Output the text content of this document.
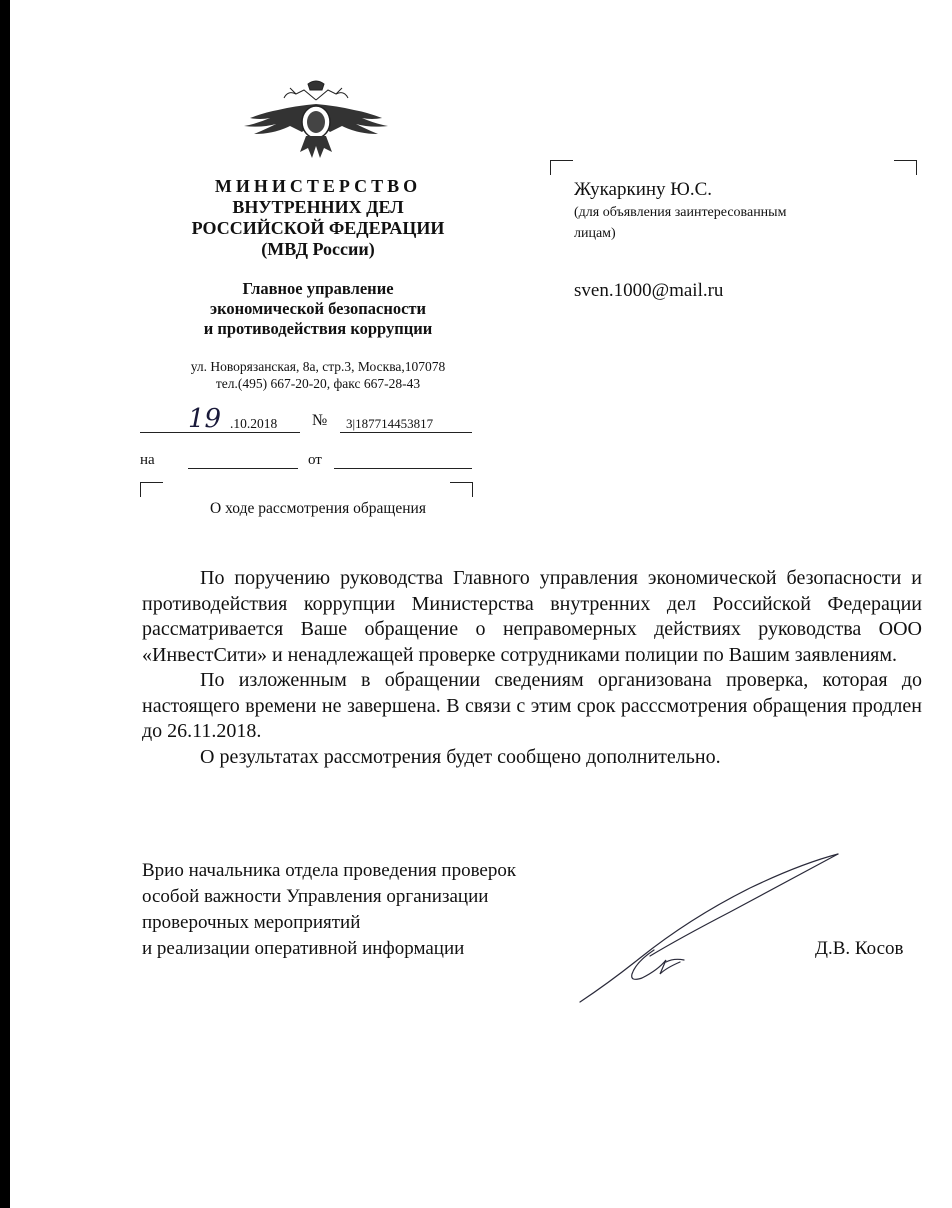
МИНИСТЕРСТВО
ВНУТРЕННИХ ДЕЛ
РОССИЙСКОЙ ФЕДЕРАЦИИ
(МВД России)
Главное управление
экономической безопасности
и противодействия коррупции
ул. Новорязанская, 8а, стр.3, Москва,107078
тел.(495) 667-20-20, факс 667-28-43
19 .10.2018 № 3|187714453817
на	от
О ходе рассмотрения обращения
Жукаркину Ю.С.
(для объявления заинтересованным
лицам)
sven.1000@mail.ru

По поручению руководства Главного управления экономической безопасности и противодействия коррупции Министерства внутренних дел Российской Федерации рассматривается Ваше обращение о неправомерных действиях руководства ООО «ИнвестСити» и ненадлежащей проверке сотрудниками полиции по Вашим заявлениям.

По изложенным в обращении сведениям организована проверка, которая до настоящего времени не завершена. В связи с этим срок расссмотрения обращения продлен до 26.11.2018.

О результатах рассмотрения будет сообщено дополнительно.

Врио начальника отдела проведения проверок
особой важности Управления организации
проверочных мероприятий
и реализации оперативной информации	Д.В. Косов
